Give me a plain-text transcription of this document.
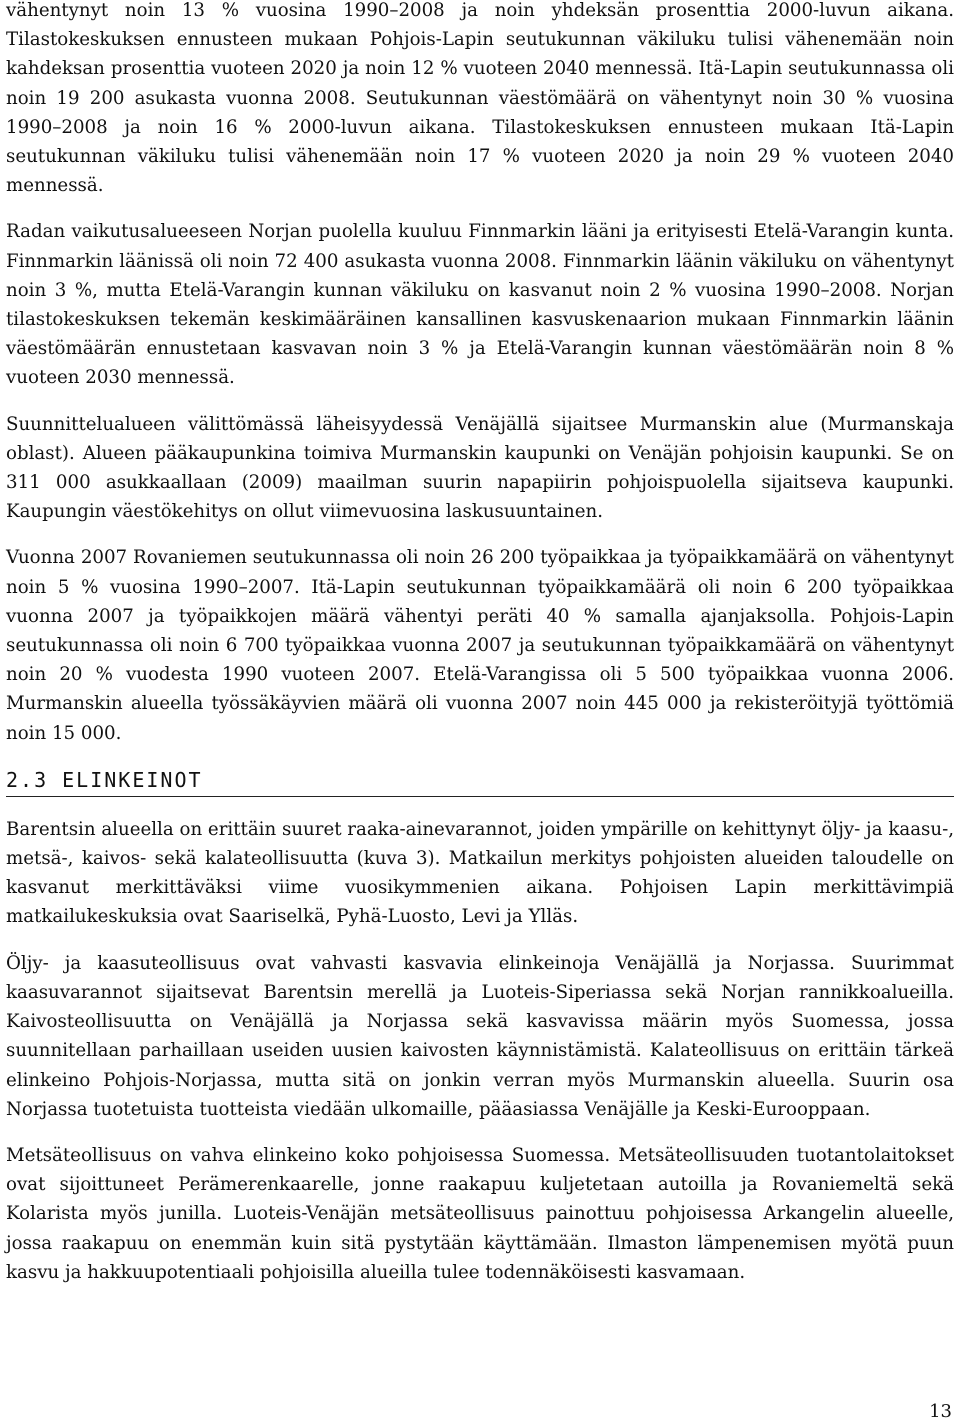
vähentynyt noin 13 % vuosina 1990–2008 ja noin yhdeksän prosenttia 2000-luvun aikana. Tilastokeskuksen ennusteen mukaan Pohjois-Lapin seutukunnan väkiluku tulisi vähenemään noin kahdeksan prosenttia vuoteen 2020 ja noin 12 % vuoteen 2040 mennessä. Itä-Lapin seutukunnassa oli noin 19 200 asukasta vuonna 2008. Seutukunnan väestömäärä on vähentynyt noin 30 % vuosina 1990–2008 ja noin 16 % 2000-luvun aikana. Tilastokeskuksen ennusteen mukaan Itä-Lapin seutukunnan väkiluku tulisi vähenemään noin 17 % vuoteen 2020 ja noin 29 % vuoteen 2040 mennessä.

Radan vaikutusalueeseen Norjan puolella kuuluu Finnmarkin lääni ja erityisesti Etelä-Varangin kunta. Finnmarkin läänissä oli noin 72 400 asukasta vuonna 2008. Finnmarkin läänin väkiluku on vähentynyt noin 3 %, mutta Etelä-Varangin kunnan väkiluku on kasvanut noin 2 % vuosina 1990–2008. Norjan tilastokeskuksen tekemän keskimääräinen kansallinen kasvuskenaarion mukaan Finnmarkin läänin väestömäärän ennustetaan kasvavan noin 3 % ja Etelä-Varangin kunnan väestömäärän noin 8 % vuoteen 2030 mennessä.

Suunnittelualueen välittömässä läheisyydessä Venäjällä sijaitsee Murmanskin alue (Murmanskaja oblast). Alueen pääkaupunkina toimiva Murmanskin kaupunki on Venäjän pohjoisin kaupunki. Se on 311 000 asukkaallaan (2009) maailman suurin napapiirin pohjoispuolella sijaitseva kaupunki. Kaupungin väestökehitys on ollut viimevuosina laskusuuntainen.

Vuonna 2007 Rovaniemen seutukunnassa oli noin 26 200 työpaikkaa ja työpaikkamäärä on vähentynyt noin 5 % vuosina 1990–2007. Itä-Lapin seutukunnan työpaikkamäärä oli noin 6 200 työpaikkaa vuonna 2007 ja työpaikkojen määrä vähentyi peräti 40 % samalla ajanjaksolla. Pohjois-Lapin seutukunnassa oli noin 6 700 työpaikkaa vuonna 2007 ja seutukunnan työpaikkamäärä on vähentynyt noin 20 % vuodesta 1990 vuoteen 2007. Etelä-Varangissa oli 5 500 työpaikkaa vuonna 2006. Murmanskin alueella työssäkäyvien määrä oli vuonna 2007 noin 445 000 ja rekisteröityjä työttömiä noin 15 000.

2.3 ELINKEINOT

Barentsin alueella on erittäin suuret raaka-ainevarannot, joiden ympärille on kehittynyt öljy- ja kaasu-, metsä-, kaivos- sekä kalateollisuutta (kuva 3). Matkailun merkitys pohjoisten alueiden taloudelle on kasvanut merkittäväksi viime vuosikymmenien aikana. Pohjoisen Lapin merkittävimpiä matkailukeskuksia ovat Saariselkä, Pyhä-Luosto, Levi ja Ylläs.

Öljy- ja kaasuteollisuus ovat vahvasti kasvavia elinkeinoja Venäjällä ja Norjassa. Suurimmat kaasuvarannot sijaitsevat Barentsin merellä ja Luoteis-Siperiassa sekä Norjan rannikkoalueilla. Kaivosteollisuutta on Venäjällä ja Norjassa sekä kasvavissa määrin myös Suomessa, jossa suunnitellaan parhaillaan useiden uusien kaivosten käynnistämistä. Kalateollisuus on erittäin tärkeä elinkeino Pohjois-Norjassa, mutta sitä on jonkin verran myös Murmanskin alueella. Suurin osa Norjassa tuotetuista tuotteista viedään ulkomaille, pääasiassa Venäjälle ja Keski-Eurooppaan.

Metsäteollisuus on vahva elinkeino koko pohjoisessa Suomessa. Metsäteollisuuden tuotantolaitokset ovat sijoittuneet Perämerenkaarelle, jonne raakapuu kuljetetaan autoilla ja Rovaniemeltä sekä Kolarista myös junilla. Luoteis-Venäjän metsäteollisuus painottuu pohjoisessa Arkangelin alueelle, jossa raakapuu on enemmän kuin sitä pystytään käyttämään. Ilmaston lämpenemisen myötä puun kasvu ja hakkuupotentiaali pohjoisilla alueilla tulee todennäköisesti kasvamaan.

13
